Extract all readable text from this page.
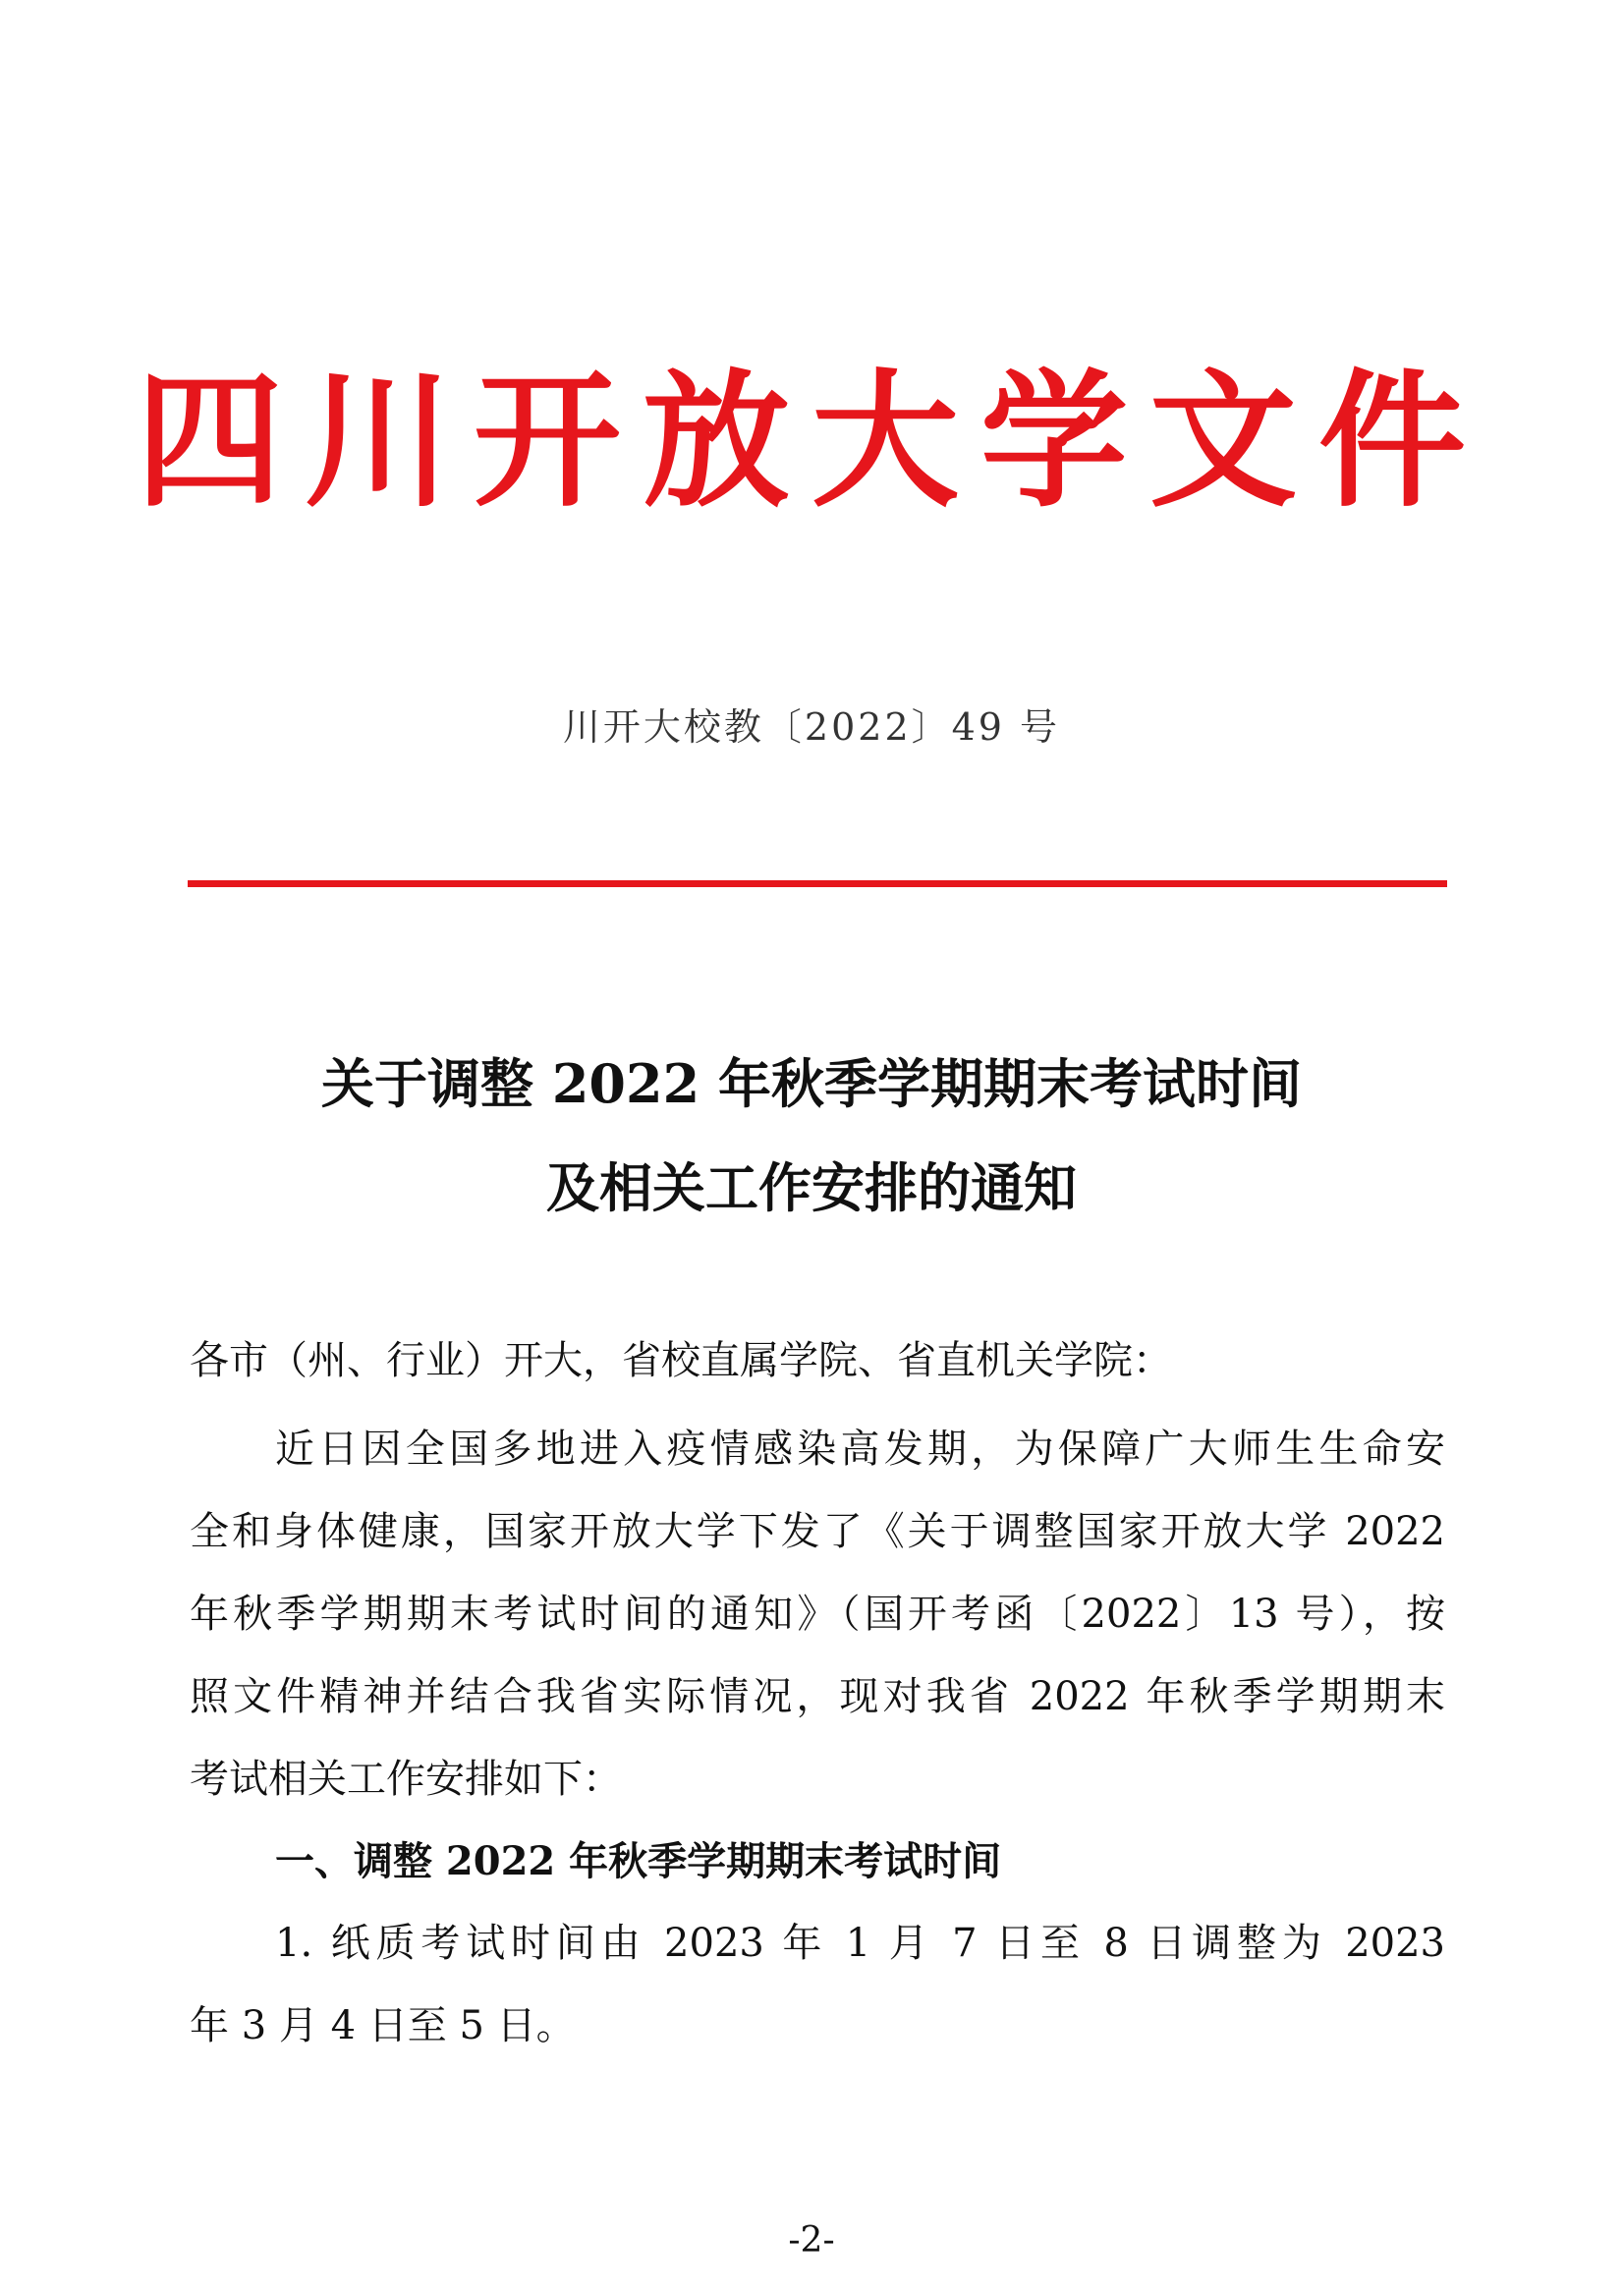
四川开放大学文件
川开大校教〔2022〕49 号
关于调整 2022 年秋季学期期末考试时间
及相关工作安排的通知
各市（州、行业）开大，省校直属学院、省直机关学院：
近日因全国多地进入疫情感染高发期，为保障广大师生生命安
全和身体健康，国家开放大学下发了《关于调整国家开放大学 2022
年秋季学期期末考试时间的通知》（国开考函〔2022〕13 号），按
照文件精神并结合我省实际情况，现对我省 2022 年秋季学期期末
考试相关工作安排如下：
一、调整 2022 年秋季学期期末考试时间
1. 纸质考试时间由 2023 年 1 月 7 日至 8 日调整为 2023
年 3 月 4 日至 5 日。
-2-
